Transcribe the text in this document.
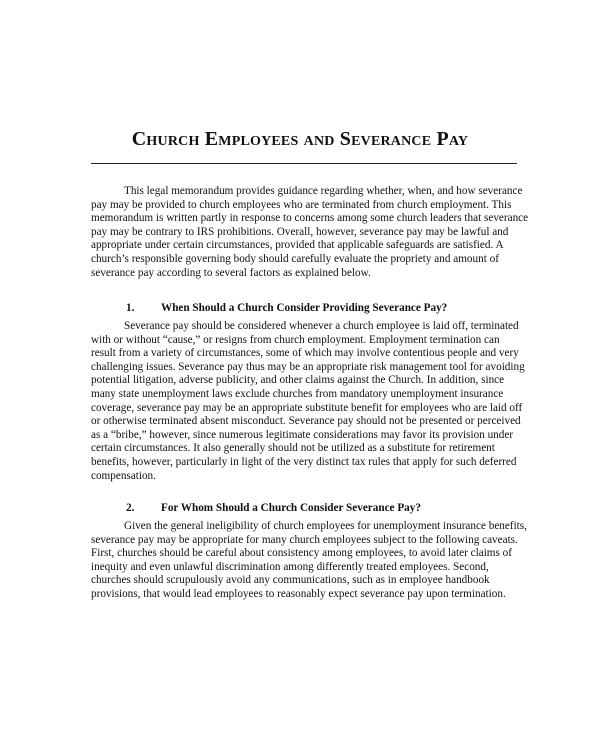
Church Employees and Severance Pay
This legal memorandum provides guidance regarding whether, when, and how severance
pay may be provided to church employees who are terminated from church employment. This
memorandum is written partly in response to concerns among some church leaders that severance
pay may be contrary to IRS prohibitions. Overall, however, severance pay may be lawful and
appropriate under certain circumstances, provided that applicable safeguards are satisfied. A
church’s responsible governing body should carefully evaluate the propriety and amount of
severance pay according to several factors as explained below.
1. When Should a Church Consider Providing Severance Pay?
Severance pay should be considered whenever a church employee is laid off, terminated
with or without “cause,” or resigns from church employment. Employment termination can
result from a variety of circumstances, some of which may involve contentious people and very
challenging issues. Severance pay thus may be an appropriate risk management tool for avoiding
potential litigation, adverse publicity, and other claims against the Church. In addition, since
many state unemployment laws exclude churches from mandatory unemployment insurance
coverage, severance pay may be an appropriate substitute benefit for employees who are laid off
or otherwise terminated absent misconduct. Severance pay should not be presented or perceived
as a “bribe,” however, since numerous legitimate considerations may favor its provision under
certain circumstances. It also generally should not be utilized as a substitute for retirement
benefits, however, particularly in light of the very distinct tax rules that apply for such deferred
compensation.
2. For Whom Should a Church Consider Severance Pay?
Given the general ineligibility of church employees for unemployment insurance benefits,
severance pay may be appropriate for many church employees subject to the following caveats.
First, churches should be careful about consistency among employees, to avoid later claims of
inequity and even unlawful discrimination among differently treated employees. Second,
churches should scrupulously avoid any communications, such as in employee handbook
provisions, that would lead employees to reasonably expect severance pay upon termination.
